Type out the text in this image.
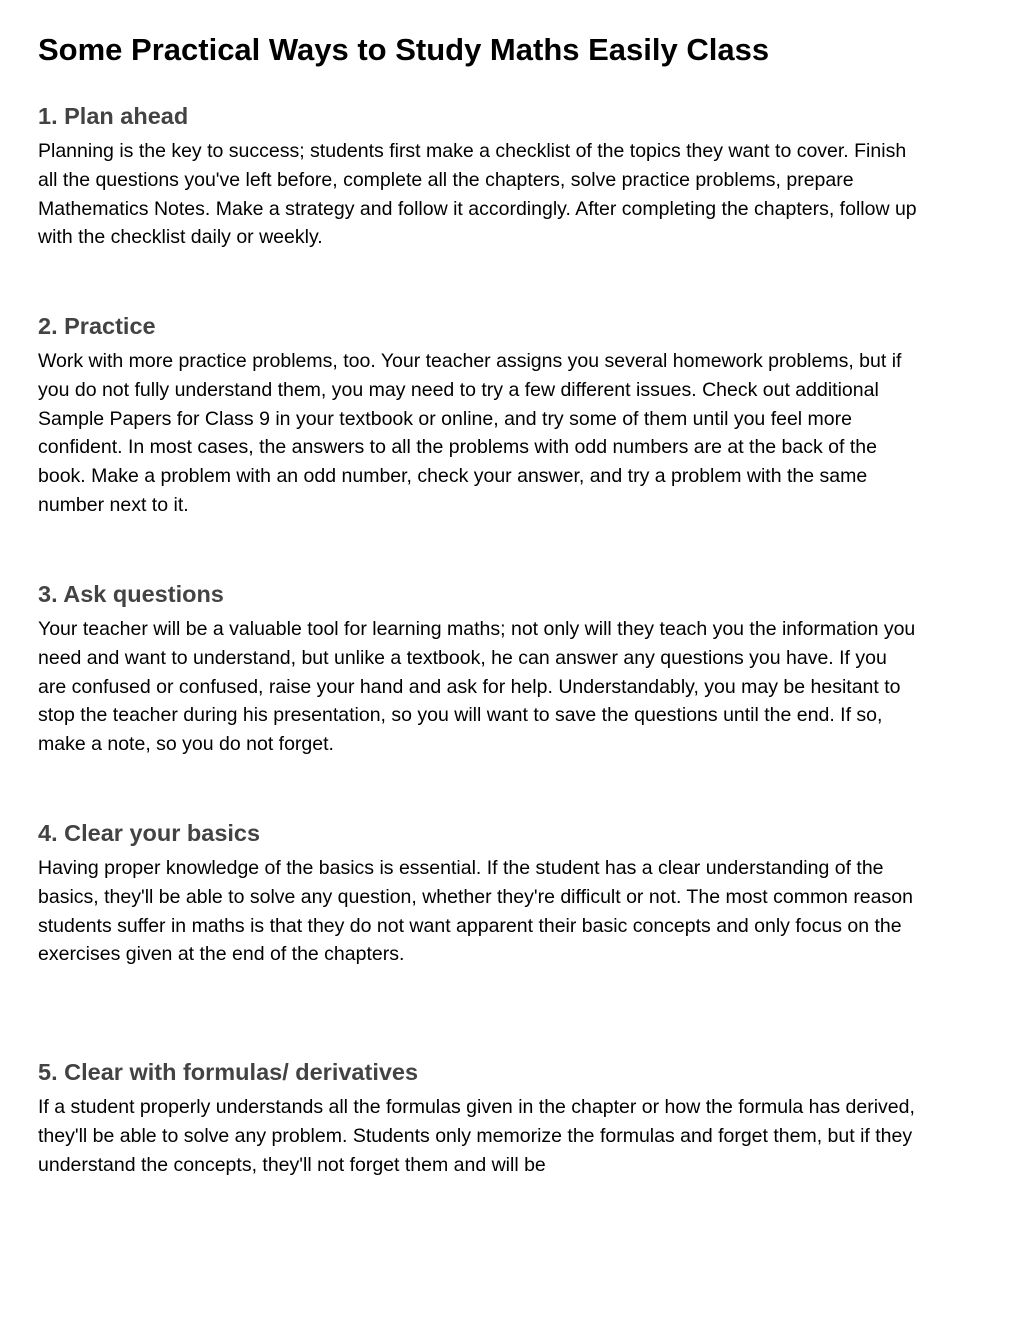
Some Practical Ways to Study Maths Easily Class
1. Plan ahead

Planning is the key to success; students first make a checklist of the topics they want to cover. Finish all the questions you've left before, complete all the chapters, solve practice problems, prepare Mathematics Notes. Make a strategy and follow it accordingly. After completing the chapters, follow up with the checklist daily or weekly.

2. Practice

Work with more practice problems, too. Your teacher assigns you several homework problems, but if you do not fully understand them, you may need to try a few different issues. Check out additional Sample Papers for Class 9 in your textbook or online, and try some of them until you feel more confident. In most cases, the answers to all the problems with odd numbers are at the back of the book. Make a problem with an odd number, check your answer, and try a problem with the same number next to it.

3. Ask questions

Your teacher will be a valuable tool for learning maths; not only will they teach you the information you need and want to understand, but unlike a textbook, he can answer any questions you have. If you are confused or confused, raise your hand and ask for help. Understandably, you may be hesitant to stop the teacher during his presentation, so you will want to save the questions until the end. If so, make a note, so you do not forget.

4. Clear your basics

Having proper knowledge of the basics is essential. If the student has a clear understanding of the basics, they'll be able to solve any question, whether they're difficult or not. The most common reason students suffer in maths is that they do not want apparent their basic concepts and only focus on the exercises given at the end of the chapters.

5. Clear with formulas/ derivatives

If a student properly understands all the formulas given in the chapter or how the formula has derived, they'll be able to solve any problem. Students only memorize the formulas and forget them, but if they understand the concepts, they'll not forget them and will be
